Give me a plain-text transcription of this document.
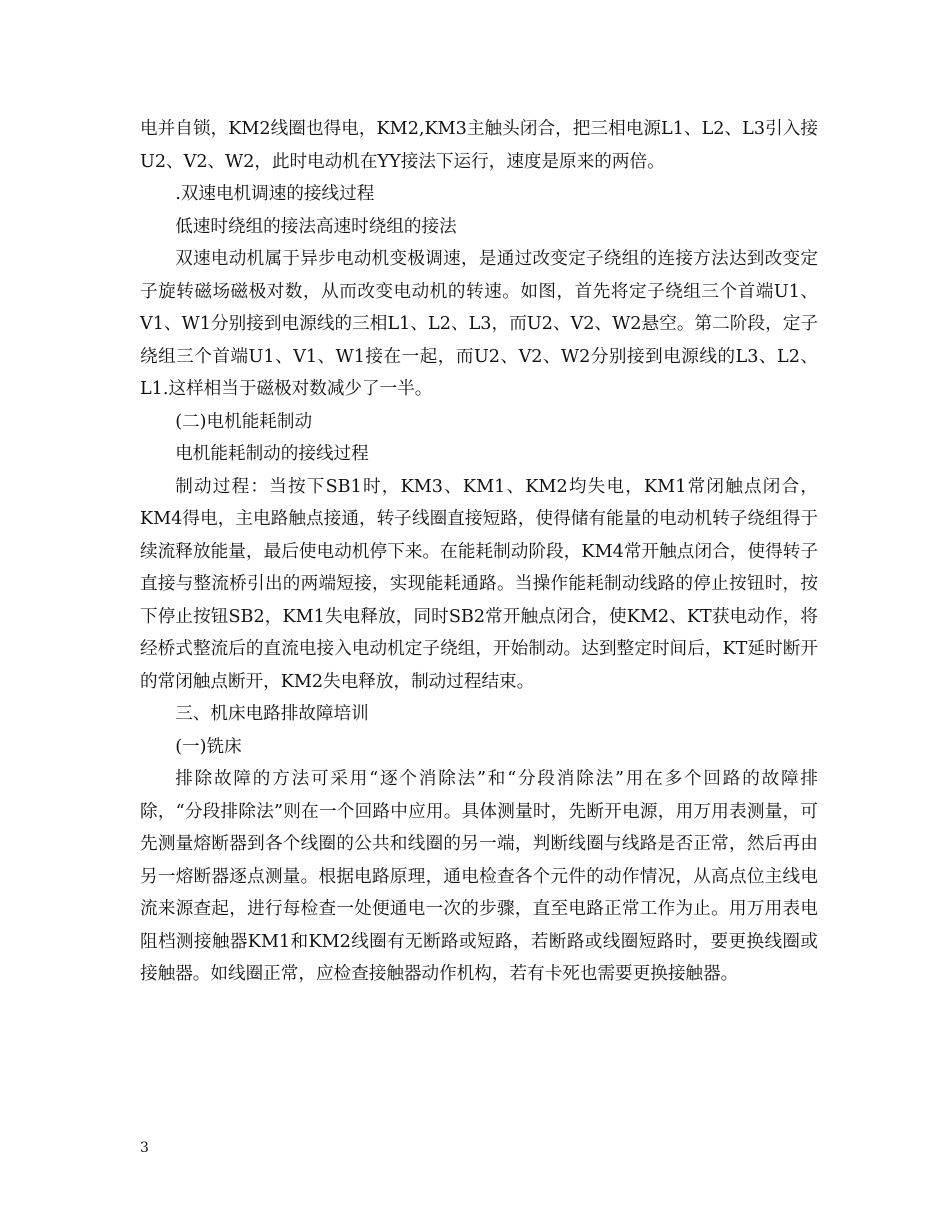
电并自锁，KM2线圈也得电，KM2,KM3主触头闭合，把三相电源L1、L2、L3引入接U2、V2、W2，此时电动机在YY接法下运行，速度是原来的两倍。

.双速电机调速的接线过程

低速时绕组的接法高速时绕组的接法

双速电动机属于异步电动机变极调速，是通过改变定子绕组的连接方法达到改变定子旋转磁场磁极对数，从而改变电动机的转速。如图，首先将定子绕组三个首端U1、V1、W1分别接到电源线的三相L1、L2、L3，而U2、V2、W2悬空。第二阶段，定子绕组三个首端U1、V1、W1接在一起，而U2、V2、W2分别接到电源线的L3、L2、L1.这样相当于磁极对数减少了一半。

(二)电机能耗制动

电机能耗制动的接线过程

制动过程：当按下SB1时，KM3、KM1、KM2均失电，KM1常闭触点闭合，KM4得电，主电路触点接通，转子线圈直接短路，使得储有能量的电动机转子绕组得于续流释放能量，最后使电动机停下来。在能耗制动阶段，KM4常开触点闭合，使得转子直接与整流桥引出的两端短接，实现能耗通路。当操作能耗制动线路的停止按钮时，按下停止按钮SB2，KM1失电释放，同时SB2常开触点闭合，使KM2、KT获电动作，将经桥式整流后的直流电接入电动机定子绕组，开始制动。达到整定时间后，KT延时断开的常闭触点断开，KM2失电释放，制动过程结束。

三、机床电路排故障培训

(一)铣床

排除故障的方法可采用“逐个消除法”和“分段消除法”用在多个回路的故障排除，“分段排除法”则在一个回路中应用。具体测量时，先断开电源，用万用表测量，可先测量熔断器到各个线圈的公共和线圈的另一端，判断线圈与线路是否正常，然后再由另一熔断器逐点测量。根据电路原理，通电检查各个元件的动作情况，从高点位主线电流来源查起，进行每检查一处便通电一次的步骤，直至电路正常工作为止。用万用表电阻档测接触器KM1和KM2线圈有无断路或短路，若断路或线圈短路时，要更换线圈或接触器。如线圈正常，应检查接触器动作机构，若有卡死也需要更换接触器。

3
